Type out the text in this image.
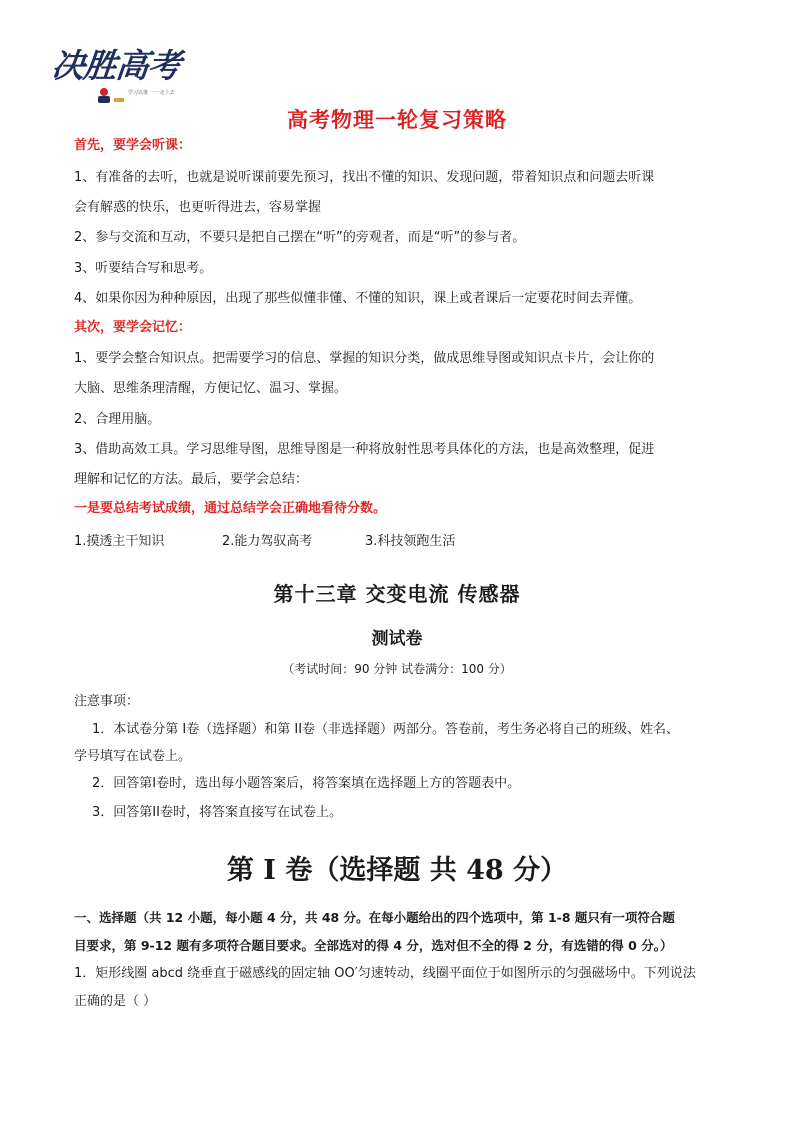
决胜高考
学习以後 一一走上去
高考物理一轮复习策略
首先，要学会听课：
1、有准备的去听，也就是说听课前要先预习，找出不懂的知识、发现问题，带着知识点和问题去听课
会有解惑的快乐，也更听得进去，容易掌握
2、参与交流和互动，不要只是把自己摆在“听”的旁观者，而是“听”的参与者。
3、听要结合写和思考。
4、如果你因为种种原因，出现了那些似懂非懂、不懂的知识，课上或者课后一定要花时间去弄懂。
其次，要学会记忆：
1、要学会整合知识点。把需要学习的信息、掌握的知识分类，做成思维导图或知识点卡片，会让你的
大脑、思维条理清醒，方便记忆、温习、掌握。
2、合理用脑。
3、借助高效工具。学习思维导图，思维导图是一种将放射性思考具体化的方法，也是高效整理，促进
理解和记忆的方法。最后，要学会总结：
一是要总结考试成绩，通过总结学会正确地看待分数。
1.摸透主干知识	2.能力驾驭高考	3.科技领跑生活
第十三章 交变电流 传感器
测试卷
（考试时间：90 分钟 试卷满分：100 分）
注意事项：
1．本试卷分第 I卷（选择题）和第 II卷（非选择题）两部分。答卷前，考生务必将自己的班级、姓名、
学号填写在试卷上。
2．回答第I卷时，选出每小题答案后，将答案填在选择题上方的答题表中。
3．回答第II卷时，将答案直接写在试卷上。
第 I 卷（选择题 共 48 分）
一、选择题（共 12 小题，每小题 4 分，共 48 分。在每小题给出的四个选项中，第 1-8 题只有一项符合题
目要求，第 9-12 题有多项符合题目要求。全部选对的得 4 分，选对但不全的得 2 分，有选错的得 0 分。）
1．矩形线圈 abcd 绕垂直于磁感线的固定轴 OO′匀速转动，线圈平面位于如图所示的匀强磁场中。下列说法
正确的是（ ）
